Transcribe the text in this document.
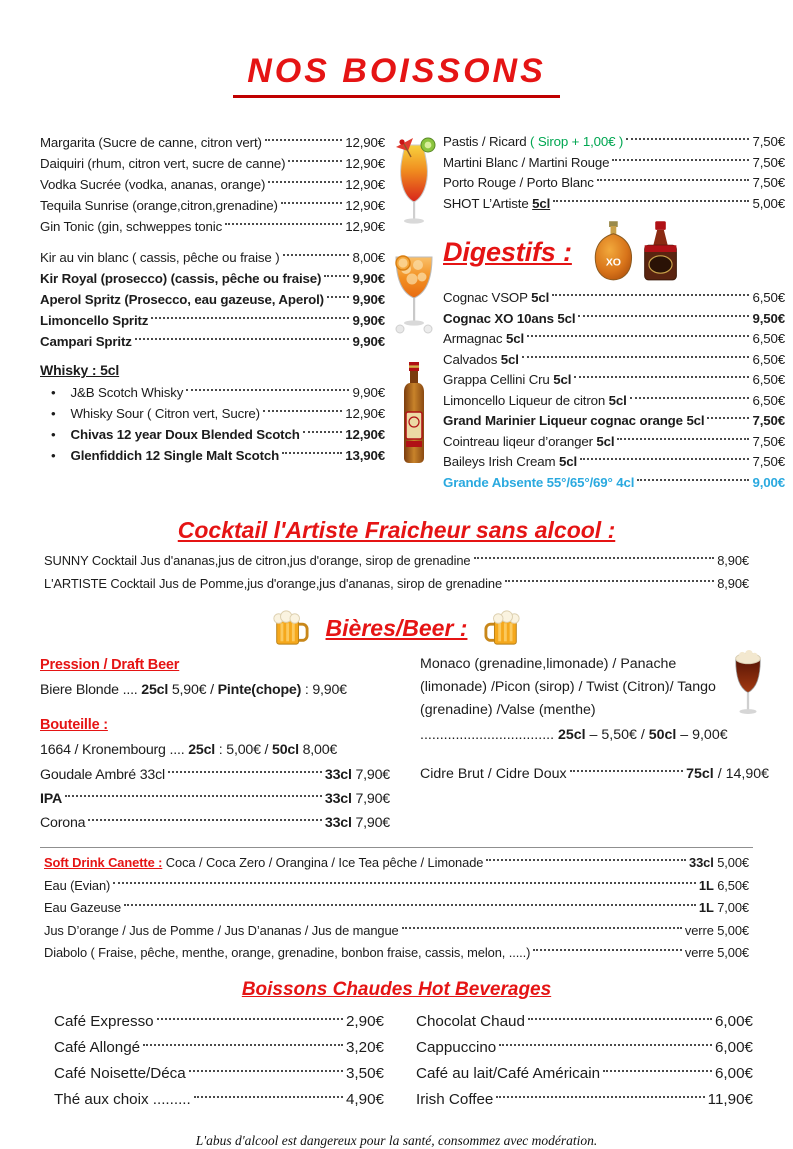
NOS BOISSONS
Margarita (Sucre de canne, citron vert)	12,90€
Daiquiri (rhum, citron vert, sucre de canne)	12,90€
Vodka Sucrée (vodka, ananas, orange)	12,90€
Tequila Sunrise (orange,citron,grenadine)	12,90€
Gin Tonic (gin, schweppes tonic	12,90€
Kir au vin blanc ( cassis, pêche ou fraise )	8,00€
Kir Royal (prosecco) (cassis, pêche ou fraise) 9,90€
Aperol Spritz (Prosecco, eau gazeuse, Aperol) 9,90€
Limoncello Spritz	9,90€
Campari Spritz	9,90€
Whisky : 5cl
• J&B Scotch Whisky	9,90€
• Whisky Sour ( Citron vert, Sucre)	12,90€
• Chivas 12 year Doux Blended Scotch	12,90€
• Glenfiddich 12 Single Malt Scotch	13,90€
Pastis / Ricard ( Sirop + 1,00€ )	7,50€
Martini Blanc / Martini Rouge	7,50€
Porto Rouge / Porto Blanc	7,50€
SHOT L’Artiste 5cl	5,00€
Digestifs :	XO
Cognac VSOP 5cl	6,50€
Cognac XO 10ans 5cl	9,50€
Armagnac 5cl	6,50€
Calvados 5cl	6,50€
Grappa Cellini Cru 5cl	6,50€
Limoncello Liqueur de citron 5cl	6,50€
Grand Marinier Liqueur cognac orange 5cl	7,50€
Cointreau liqeur d’oranger 5cl	7,50€
Baileys Irish Cream 5cl	7,50€
Grande Absente 55°/65°/69° 4cl	9,00€
Cocktail l'Artiste Fraicheur sans alcool :
SUNNY Cocktail Jus d'ananas,jus de citron,jus d'orange, sirop de grenadine	8,90€
L'ARTISTE Cocktail Jus de Pomme,jus d'orange,jus d'ananas, sirop de grenadine	8,90€
Bières/Beer :
Pression / Draft Beer
Biere Blonde .... 25cl 5,90€ / Pinte(chope) : 9,90€
Bouteille :
1664 / Kronembourg .... 25cl : 5,00€ / 50cl 8,00€
Goudale Ambré 33cl	33cl 7,90€
IPA	33cl 7,90€
Corona	33cl 7,90€
Monaco (grenadine,limonade) / Panache (limonade) /Picon (sirop) / Twist (Citron)/ Tango (grenadine) /Valse (menthe)
.................................. 25cl – 5,50€ / 50cl – 9,00€
Cidre Brut / Cidre Doux	75cl / 14,90€
Soft Drink Canette : Coca / Coca Zero / Orangina / Ice Tea pêche / Limonade	33cl 5,00€
Eau (Evian)	1L 6,50€
Eau Gazeuse	1L 7,00€
Jus D’orange / Jus de Pomme / Jus D’ananas / Jus de mangue	verre 5,00€
Diabolo ( Fraise, pêche, menthe, orange, grenadine, bonbon fraise, cassis, melon, .....)	verre 5,00€
Boissons Chaudes Hot Beverages
Café Expresso	2,90€
Café Allongé	3,20€
Café Noisette/Déca	3,50€
Thé aux choix .........	4,90€
Chocolat Chaud	6,00€
Cappuccino	6,00€
Café au lait/Café Américain	6,00€
Irish Coffee	11,90€
L'abus d'alcool est dangereux pour la santé, consommez avec modération.
